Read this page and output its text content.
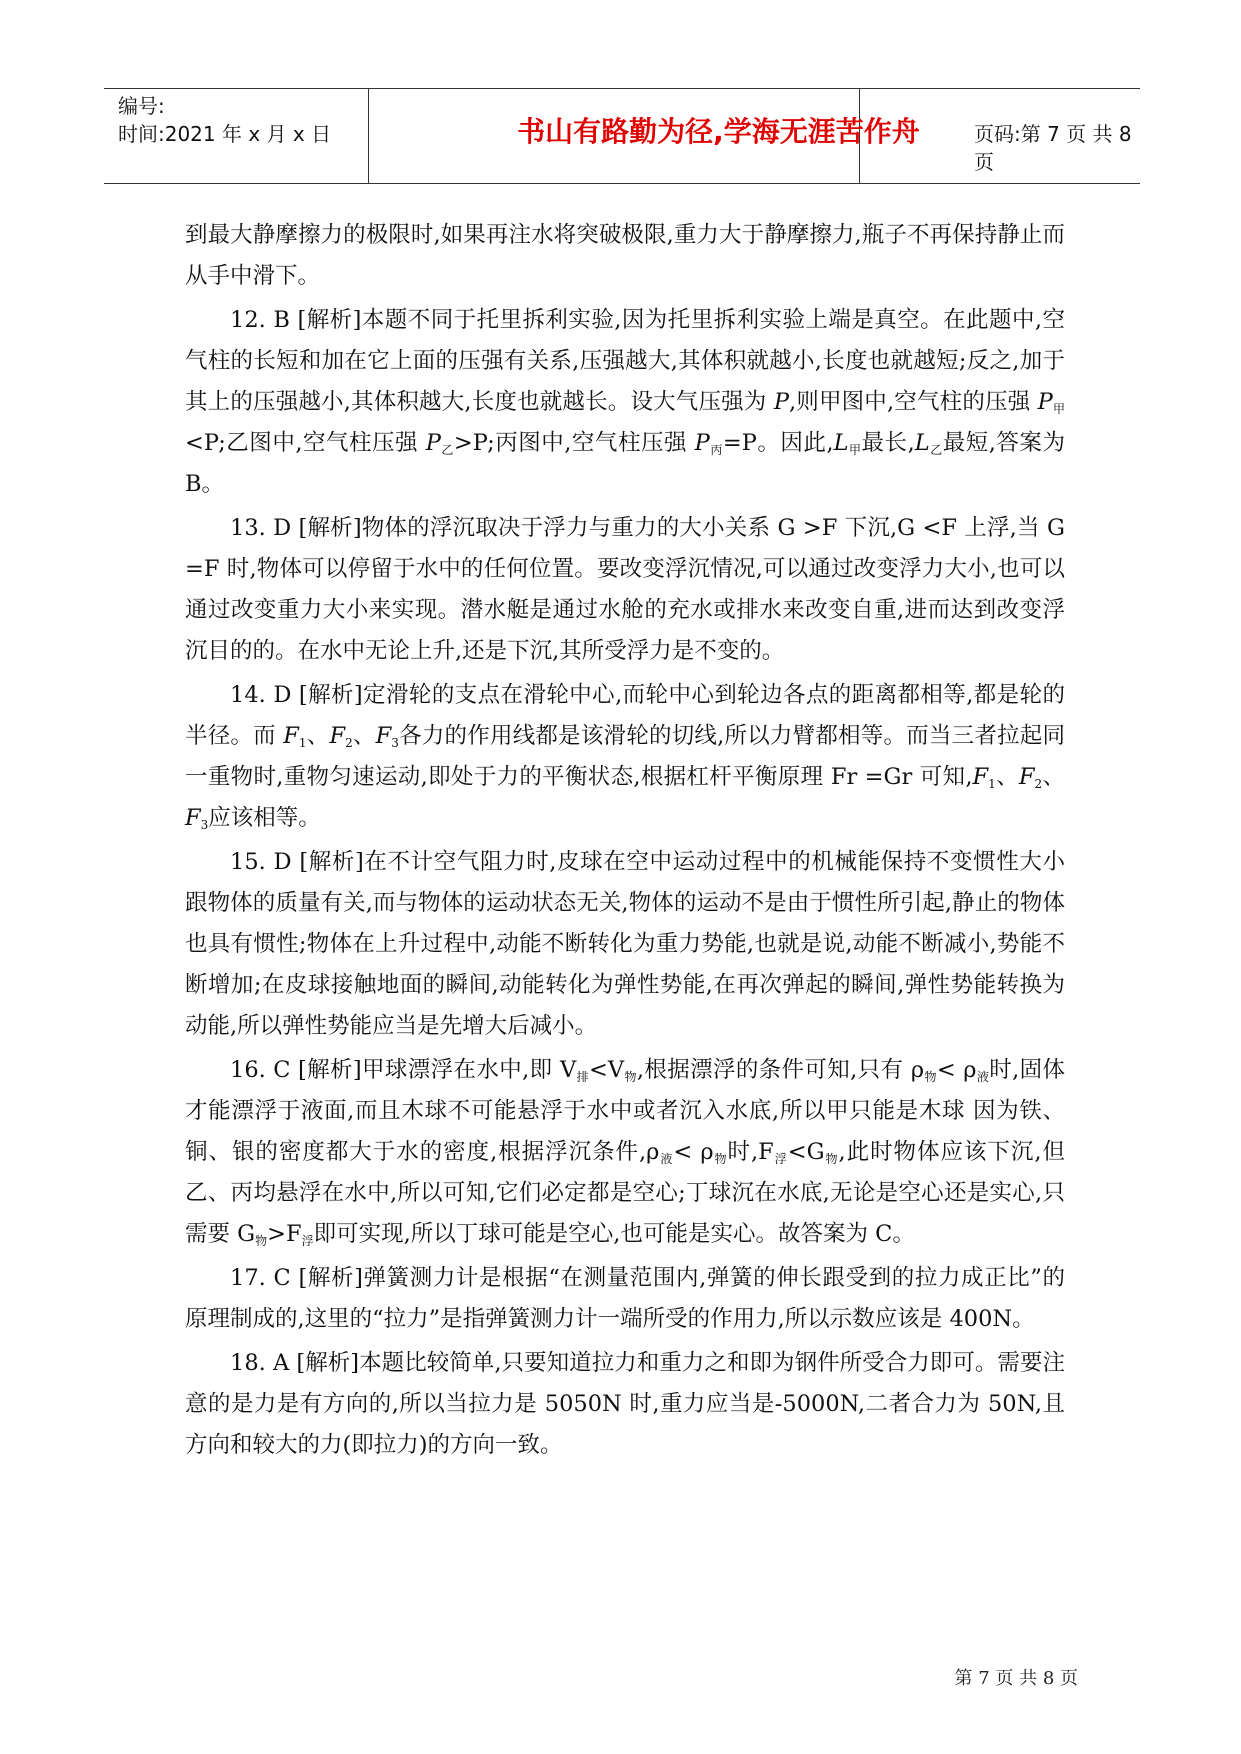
编号:
时间:2021 年 x 月 x 日	书山有路勤为径,学海无涯苦作舟	页码:第 7 页 共 8 页

到最大静摩擦力的极限时,如果再注水将突破极限,重力大于静摩擦力,瓶子不再保持静止而从手中滑下。

12. B [解析]本题不同于托里拆利实验,因为托里拆利实验上端是真空。在此题中,空气柱的长短和加在它上面的压强有关系,压强越大,其体积就越小,长度也就越短;反之,加于其上的压强越小,其体积越大,长度也就越长。设大气压强为 P,则甲图中,空气柱的压强 $P_甲<P$;乙图中,空气柱压强 $P_乙>P$;丙图中,空气柱压强 $P_丙=P$。因此$,L_甲$最长$,L_乙$最短,答案为 B。

13. D [解析]物体的浮沉取决于浮力与重力的大小关系 G >F 下沉,G <F 上浮,当 G =F 时,物体可以停留于水中的任何位置。要改变浮沉情况,可以通过改变浮力大小,也可以通过改变重力大小来实现。潜水艇是通过水舱的充水或排水来改变自重,进而达到改变浮沉目的的。在水中无论上升,还是下沉,其所受浮力是不变的。

14. D [解析]定滑轮的支点在滑轮中心,而轮中心到轮边各点的距离都相等,都是轮的半径。而 $F_1$、$F_2$、$F_3$各力的作用线都是该滑轮的切线,所以力臂都相等。而当三者拉起同一重物时,重物匀速运动,即处于力的平衡状态,根据杠杆平衡原理 Fr =Gr 可知$,F_1$、$F_2$、$F_3$应该相等。

15. D [解析]在不计空气阻力时,皮球在空中运动过程中的机械能保持不变惯性大小跟物体的质量有关,而与物体的运动状态无关,物体的运动不是由于惯性所引起,静止的物体也具有惯性;物体在上升过程中,动能不断转化为重力势能,也就是说,动能不断减小,势能不断增加;在皮球接触地面的瞬间,动能转化为弹性势能,在再次弹起的瞬间,弹性势能转换为动能,所以弹性势能应当是先增大后减小。

16. C [解析]甲球漂浮在水中,即 $V_排<V_物$,根据漂浮的条件可知,只有 $\rho_物< \rho_液$时,固体才能漂浮于液面,而且木球不可能悬浮于水中或者沉入水底,所以甲只能是木球 因为铁、铜、银的密度都大于水的密度,根据浮沉条件$,\rho_液< \rho_物$时$,F_浮<G_物$,此时物体应该下沉,但乙、丙均悬浮在水中,所以可知,它们必定都是空心;丁球沉在水底,无论是空心还是实心,只需要 $G_物>F_浮$即可实现,所以丁球可能是空心,也可能是实心。故答案为 C。

17. C [解析]弹簧测力计是根据“在测量范围内,弹簧的伸长跟受到的拉力成正比”的原理制成的,这里的“拉力”是指弹簧测力计一端所受的作用力,所以示数应该是 400N。

18. A [解析]本题比较简单,只要知道拉力和重力之和即为钢件所受合力即可。需要注意的是力是有方向的,所以当拉力是 5050N 时,重力应当是-5000N,二者合力为 50N,且方向和较大的力(即拉力)的方向一致。

第 7 页 共 8 页
